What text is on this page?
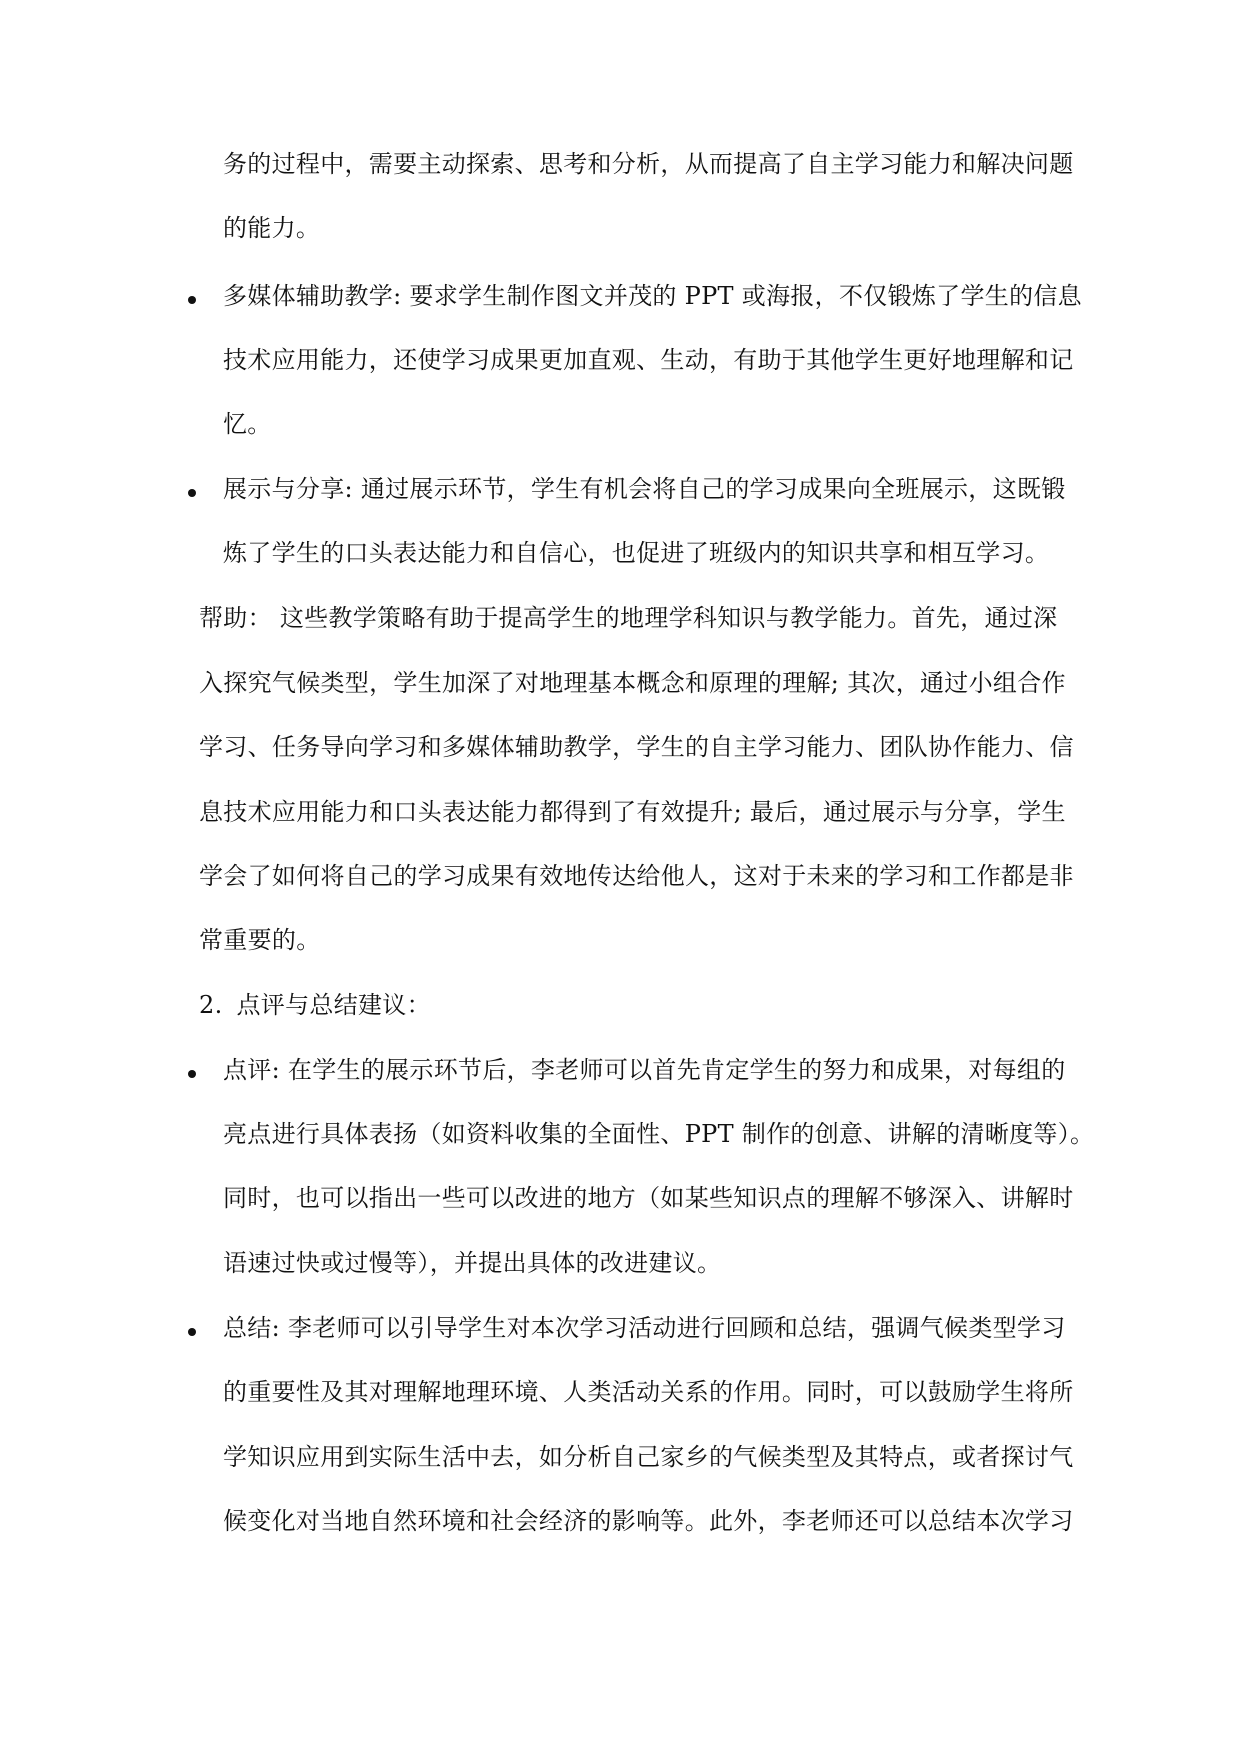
务的过程中，需要主动探索、思考和分析，从而提高了自主学习能力和解决问题
的能力。
多媒体辅助教学: 要求学生制作图文并茂的 PPT 或海报，不仅锻炼了学生的信息
技术应用能力，还使学习成果更加直观、生动，有助于其他学生更好地理解和记
忆。
展示与分享: 通过展示环节，学生有机会将自己的学习成果向全班展示，这既锻
炼了学生的口头表达能力和自信心，也促进了班级内的知识共享和相互学习。
帮助： 这些教学策略有助于提高学生的地理学科知识与教学能力。首先，通过深
入探究气候类型，学生加深了对地理基本概念和原理的理解; 其次，通过小组合作
学习、任务导向学习和多媒体辅助教学，学生的自主学习能力、团队协作能力、信
息技术应用能力和口头表达能力都得到了有效提升; 最后，通过展示与分享，学生
学会了如何将自己的学习成果有效地传达给他人，这对于未来的学习和工作都是非
常重要的。
2. 点评与总结建议：
点评: 在学生的展示环节后，李老师可以首先肯定学生的努力和成果，对每组的
亮点进行具体表扬（如资料收集的全面性、PPT 制作的创意、讲解的清晰度等）。
同时，也可以指出一些可以改进的地方（如某些知识点的理解不够深入、讲解时
语速过快或过慢等），并提出具体的改进建议。
总结: 李老师可以引导学生对本次学习活动进行回顾和总结，强调气候类型学习
的重要性及其对理解地理环境、人类活动关系的作用。同时，可以鼓励学生将所
学知识应用到实际生活中去，如分析自己家乡的气候类型及其特点，或者探讨气
候变化对当地自然环境和社会经济的影响等。此外，李老师还可以总结本次学习
